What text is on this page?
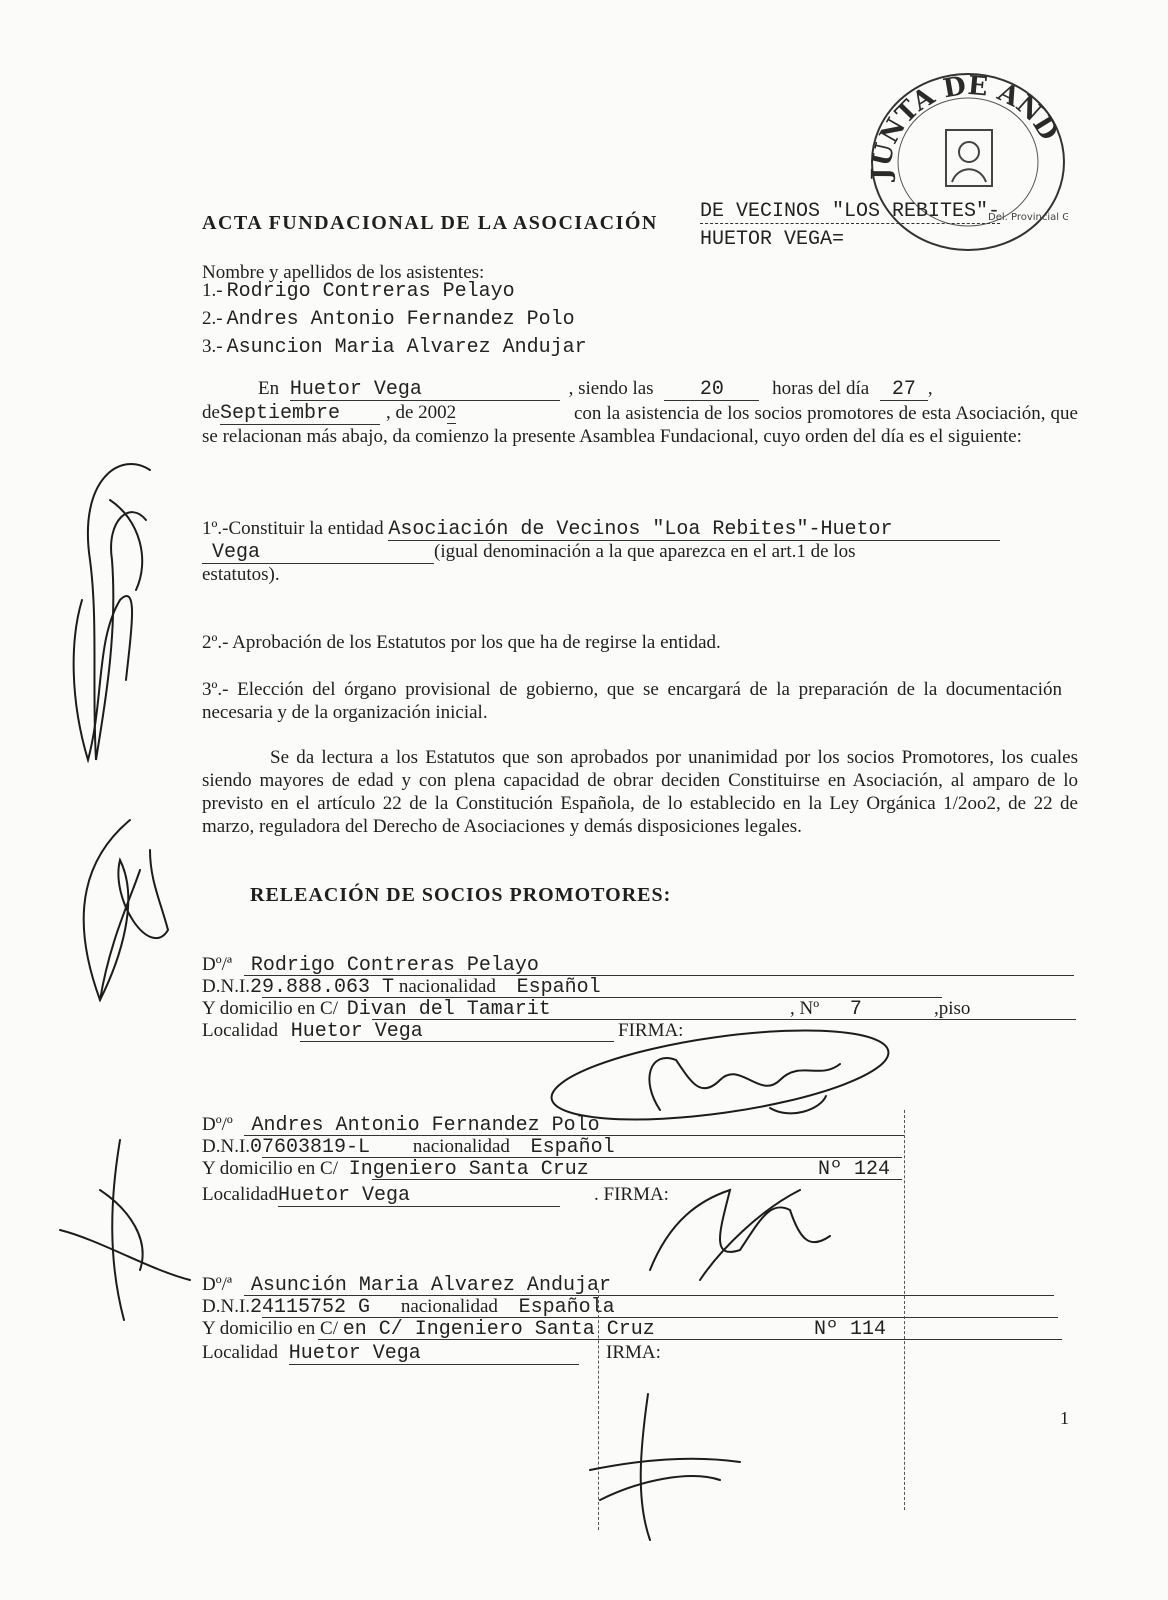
JUNTA DE AND
Del. Provincial G
ACTA FUNDACIONAL DE LA ASOCIACIÓN DE VECINOS "LOS REBITES"-
HUETOR VEGA=
Nombre y apellidos de los asistentes:
1.- Rodrigo Contreras Pelayo
2.- Andres Antonio Fernandez Polo
3.- Asuncion Maria Alvarez Andujar
En Huetor Vega	, siendo las 20	horas del día 27 ,
deSeptiembre , de 2002	con la asistencia de los socios promotores de esta Asociación, que se relacionan más abajo, da comienzo la presente Asamblea Fundacional, cuyo orden del día es el siguiente:
1º.-Constituir la entidad Asociación de Vecinos "Loa Rebites"-Huetor
Vega	(igual denominación a la que aparezca en el art.1 de los
estatutos).
2º.- Aprobación de los Estatutos por los que ha de regirse la entidad.
3º.- Elección del órgano provisional de gobierno, que se encargará de la preparación de la documentación necesaria y de la organización inicial.
Se da lectura a los Estatutos que son aprobados por unanimidad por los socios Promotores, los cuales siendo mayores de edad y con plena capacidad de obrar deciden Constituirse en Asociación, al amparo de lo previsto en el artículo 22 de la Constitución Española, de lo establecido en la Ley Orgánica 1/2oo2, de 22 de marzo, reguladora del Derecho de Asociaciones y demás disposiciones legales.
RELEACIÓN DE SOCIOS PROMOTORES:
Dº/ª Rodrigo Contreras Pelayo
D.N.I.29.888.063 T nacionalidad Español
Y domicilio en C/ Divan del Tamarit	, Nº 7	,piso
Localidad Huetor Vega	FIRMA:
Dº/º Andres Antonio Fernandez Polo
D.N.I.07603819-L nacionalidad Español
Y domicilio en C/ Ingeniero Santa Cruz	Nº 124
LocalidadHuetor Vega	. FIRMA:
Dº/ª Asunción Maria Alvarez Andujar
D.N.I.24115752 G nacionalidad Española
Y domicilio en C/ en C/ Ingeniero Santa Cruz	Nº 114
Localidad Huetor Vega	IRMA:
1
